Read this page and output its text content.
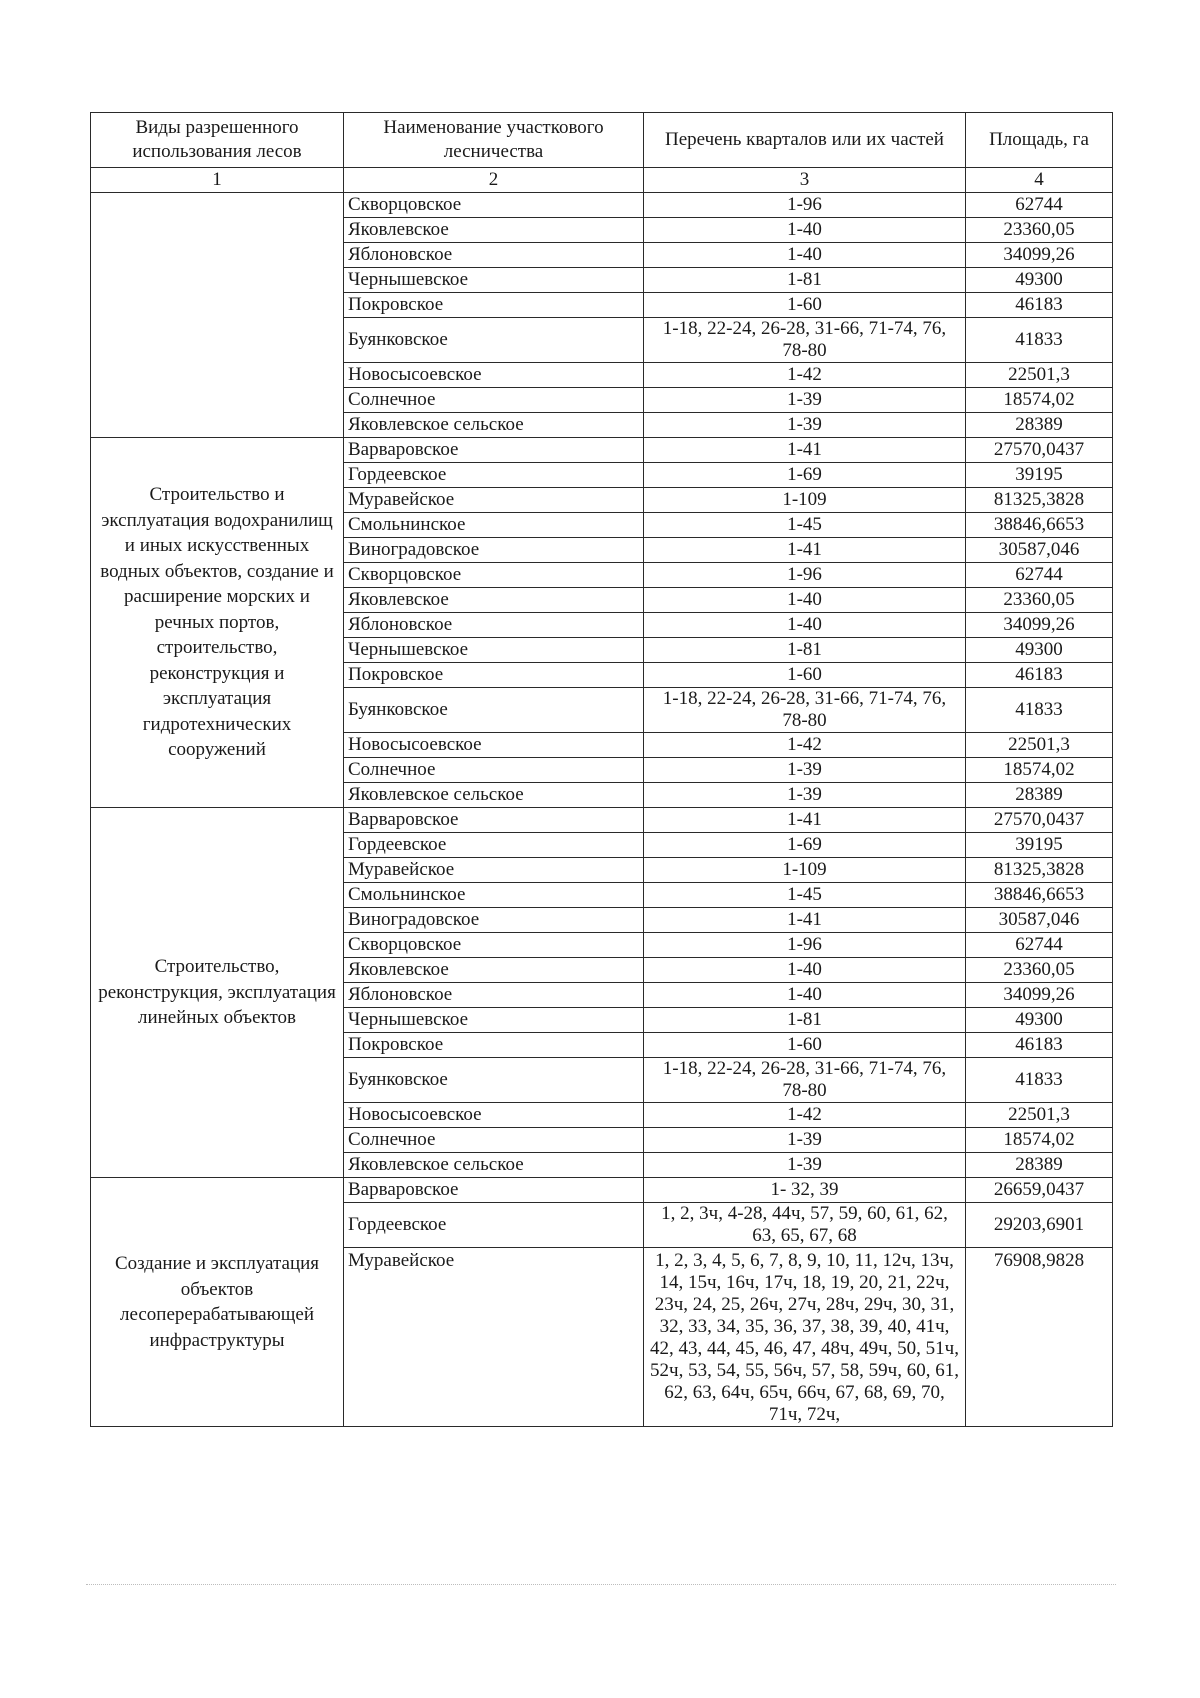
Виды разрешенного использования лесов	Наименование участкового лесничества	Перечень кварталов или их частей	Площадь, га
1	2	3	4
	Скворцовское	1-96	62744
	Яковлевское	1-40	23360,05
	Яблоновское	1-40	34099,26
	Чернышевское	1-81	49300
	Покровское	1-60	46183
	Буянковское	1-18, 22-24, 26-28, 31-66, 71-74, 76, 78-80	41833
	Новосысоевское	1-42	22501,3
	Солнечное	1-39	18574,02
	Яковлевское сельское	1-39	28389
Строительство и эксплуатация водохранилищ и иных искусственных водных объектов, создание и расширение морских и речных портов, строительство, реконструкция и эксплуатация гидротехнических сооружений	Варваровское	1-41	27570,0437
	Гордеевское	1-69	39195
	Муравейское	1-109	81325,3828
	Смольнинское	1-45	38846,6653
	Виноградовское	1-41	30587,046
	Скворцовское	1-96	62744
	Яковлевское	1-40	23360,05
	Яблоновское	1-40	34099,26
	Чернышевское	1-81	49300
	Покровское	1-60	46183
	Буянковское	1-18, 22-24, 26-28, 31-66, 71-74, 76, 78-80	41833
	Новосысоевское	1-42	22501,3
	Солнечное	1-39	18574,02
	Яковлевское сельское	1-39	28389
Строительство, реконструкция, эксплуатация линейных объектов	Варваровское	1-41	27570,0437
	Гордеевское	1-69	39195
	Муравейское	1-109	81325,3828
	Смольнинское	1-45	38846,6653
	Виноградовское	1-41	30587,046
	Скворцовское	1-96	62744
	Яковлевское	1-40	23360,05
	Яблоновское	1-40	34099,26
	Чернышевское	1-81	49300
	Покровское	1-60	46183
	Буянковское	1-18, 22-24, 26-28, 31-66, 71-74, 76, 78-80	41833
	Новосысоевское	1-42	22501,3
	Солнечное	1-39	18574,02
	Яковлевское сельское	1-39	28389
Создание и эксплуатация объектов лесоперерабатывающей инфраструктуры	Варваровское	1- 32, 39	26659,0437
	Гордеевское	1, 2, 3ч, 4-28, 44ч, 57, 59, 60, 61, 62, 63, 65, 67, 68	29203,6901
	Муравейское	1, 2, 3, 4, 5, 6, 7, 8, 9, 10, 11, 12ч, 13ч, 14, 15ч, 16ч, 17ч, 18, 19, 20, 21, 22ч, 23ч, 24, 25, 26ч, 27ч, 28ч, 29ч, 30, 31, 32, 33, 34, 35, 36, 37, 38, 39, 40, 41ч, 42, 43, 44, 45, 46, 47, 48ч, 49ч, 50, 51ч, 52ч, 53, 54, 55, 56ч, 57, 58, 59ч, 60, 61, 62, 63, 64ч, 65ч, 66ч, 67, 68, 69, 70, 71ч, 72ч,	76908,9828
